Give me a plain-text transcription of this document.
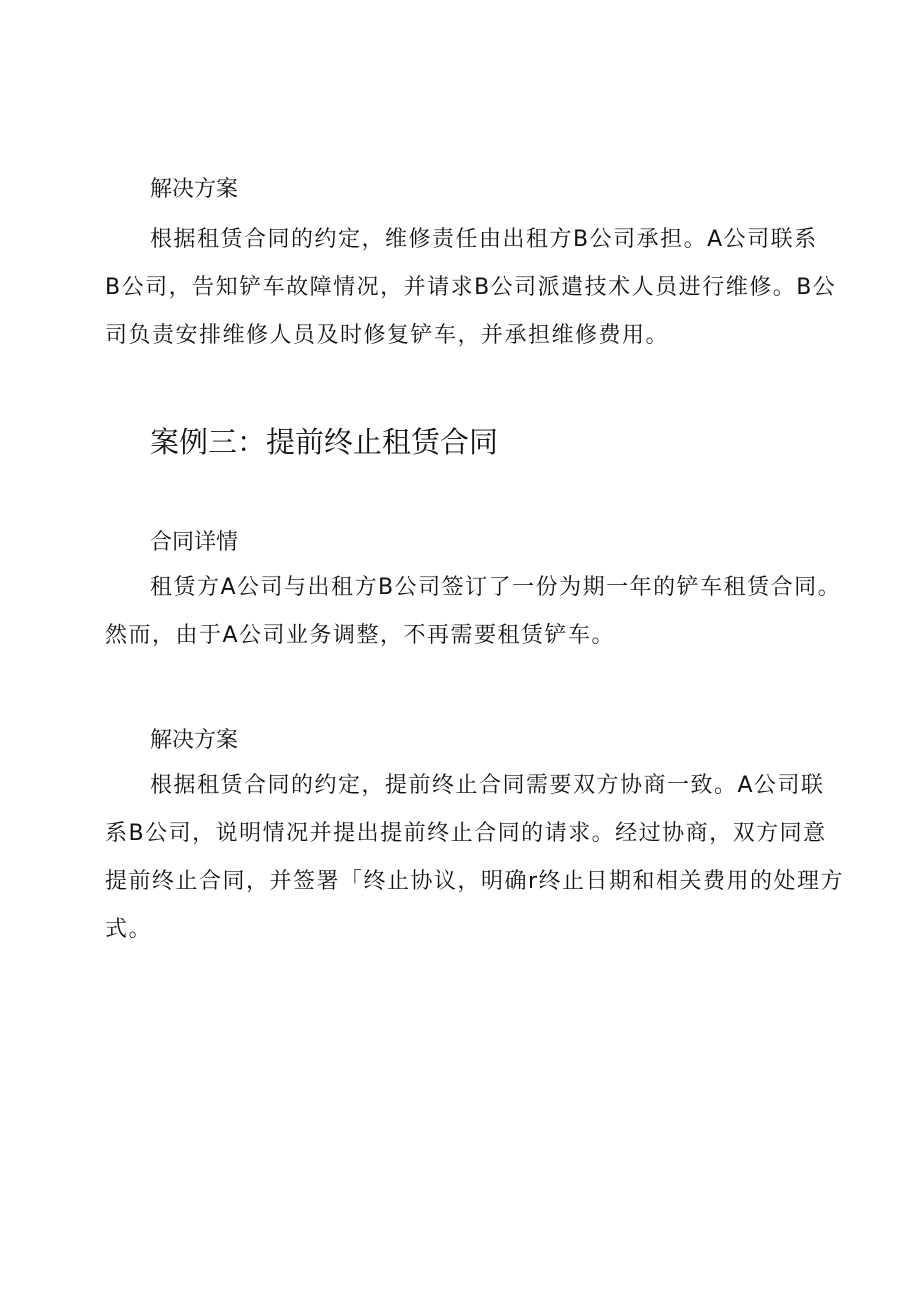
解决方案

根据租赁合同的约定，维修责任由出租方B公司承担。A公司联系
B公司，告知铲车故障情况，并请求B公司派遣技术人员进行维修。B公
司负责安排维修人员及时修复铲车，并承担维修费用。

案例三：提前终止租赁合同
合同详情

租赁方A公司与出租方B公司签订了一份为期一年的铲车租赁合同。
然而，由于A公司业务调整，不再需要租赁铲车。

解决方案

根据租赁合同的约定，提前终止合同需要双方协商一致。A公司联
系B公司，说明情况并提出提前终止合同的请求。经过协商，双方同意
提前终止合同，并签署「终止协议，明确r终止日期和相关费用的处理方
式。
